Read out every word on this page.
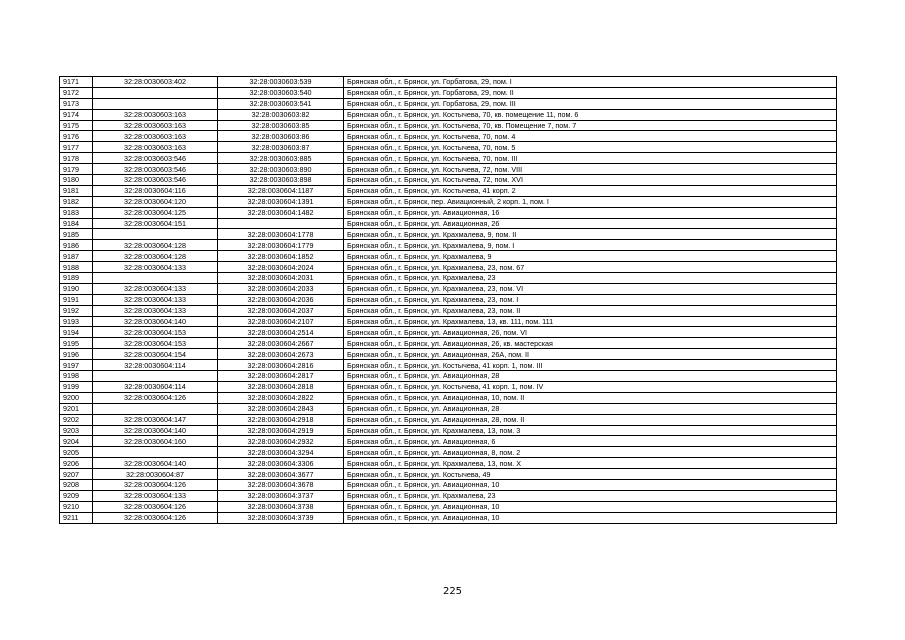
9171	32:28:0030603:402	32:28:0030603:539	Брянская обл., г. Брянск, ул. Горбатова, 29, пом. I
9172		32:28:0030603:540	Брянская обл., г. Брянск, ул. Горбатова, 29, пом. II
9173		32:28:0030603:541	Брянская обл., г. Брянск, ул. Горбатова, 29, пом. III
9174	32:28:0030603:163	32:28:0030603:82	Брянская обл., г. Брянск, ул. Костычева, 70, кв. помещение 11, пом. 6
9175	32:28:0030603:163	32:28:0030603:85	Брянская обл., г. Брянск, ул. Костычева, 70, кв. Помещение 7, пом. 7
9176	32:28:0030603:163	32:28:0030603:86	Брянская обл., г. Брянск, ул. Костычева, 70, пом. 4
9177	32:28:0030603:163	32:28:0030603:87	Брянская обл., г. Брянск, ул. Костычева, 70, пом. 5
9178	32:28:0030603:546	32:28:0030603:885	Брянская обл., г. Брянск, ул. Костычева, 70, пом. III
9179	32:28:0030603:546	32:28:0030603:890	Брянская обл., г. Брянск, ул. Костычева, 72, пом. VIII
9180	32:28:0030603:546	32:28:0030603:898	Брянская обл., г. Брянск, ул. Костычева, 72, пом. XVI
9181	32:28:0030604:116	32:28:0030604:1187	Брянская обл., г. Брянск, ул. Костычева, 41 корп. 2
9182	32:28:0030604:120	32:28:0030604:1391	Брянская обл., г. Брянск, пер. Авиационный, 2 корп. 1, пом. I
9183	32:28:0030604:125	32:28:0030604:1482	Брянская обл., г. Брянск, ул. Авиационная, 16
9184	32:28:0030604:151		Брянская обл., г. Брянск, ул. Авиационная, 26
9185		32:28:0030604:1778	Брянская обл., г. Брянск, ул. Крахмалева, 9, пом. II
9186	32:28:0030604:128	32:28:0030604:1779	Брянская обл., г. Брянск, ул. Крахмалева, 9, пом. I
9187	32:28:0030604:128	32:28:0030604:1852	Брянская обл., г. Брянск, ул. Крахмалева, 9
9188	32:28:0030604:133	32:28:0030604:2024	Брянская обл., г. Брянск, ул. Крахмалева, 23, пом. 67
9189		32:28:0030604:2031	Брянская обл., г. Брянск, ул. Крахмалева, 23
9190	32:28:0030604:133	32:28:0030604:2033	Брянская обл., г. Брянск, ул. Крахмалева, 23, пом. VI
9191	32:28:0030604:133	32:28:0030604:2036	Брянская обл., г. Брянск, ул. Крахмалева, 23, пом. I
9192	32:28:0030604:133	32:28:0030604:2037	Брянская обл., г. Брянск, ул. Крахмалева, 23, пом. II
9193	32:28:0030604:140	32:28:0030604:2107	Брянская обл., г. Брянск, ул. Крахмалева, 13, кв. 111, пом. 111
9194	32:28:0030604:153	32:28:0030604:2514	Брянская обл., г. Брянск, ул. Авиационная, 26, пом. VI
9195	32:28:0030604:153	32:28:0030604:2667	Брянская обл., г. Брянск, ул. Авиационная, 26, кв. мастерская
9196	32:28:0030604:154	32:28:0030604:2673	Брянская обл., г. Брянск, ул. Авиационная, 26А, пом. II
9197	32:28:0030604:114	32:28:0030604:2816	Брянская обл., г. Брянск, ул. Костычева, 41 корп. 1, пом. III
9198		32:28:0030604:2817	Брянская обл., г. Брянск, ул. Авиационная, 28
9199	32:28:0030604:114	32:28:0030604:2818	Брянская обл., г. Брянск, ул. Костычева, 41 корп. 1, пом. IV
9200	32:28:0030604:126	32:28:0030604:2822	Брянская обл., г. Брянск, ул. Авиационная, 10, пом. II
9201		32:28:0030604:2843	Брянская обл., г. Брянск, ул. Авиационная, 28
9202	32:28:0030604:147	32:28:0030604:2918	Брянская обл., г. Брянск, ул. Авиационная, 28, пом. II
9203	32:28:0030604:140	32:28:0030604:2919	Брянская обл., г. Брянск, ул. Крахмалева, 13, пом. 3
9204	32:28:0030604:160	32:28:0030604:2932	Брянская обл., г. Брянск, ул. Авиационная, 6
9205		32:28:0030604:3294	Брянская обл., г. Брянск, ул. Авиационная, 8, пом. 2
9206	32:28:0030604:140	32:28:0030604:3306	Брянская обл., г. Брянск, ул. Крахмалева, 13, пом. X
9207	32:28:0030604:87	32:28:0030604:3677	Брянская обл., г. Брянск, ул. Костычева, 49
9208	32:28:0030604:126	32:28:0030604:3678	Брянская обл., г. Брянск, ул. Авиационная, 10
9209	32:28:0030604:133	32:28:0030604:3737	Брянская обл., г. Брянск, ул. Крахмалева, 23
9210	32:28:0030604:126	32:28:0030604:3738	Брянская обл., г. Брянск, ул. Авиационная, 10
9211	32:28:0030604:126	32:28:0030604:3739	Брянская обл., г. Брянск, ул. Авиационная, 10
225
